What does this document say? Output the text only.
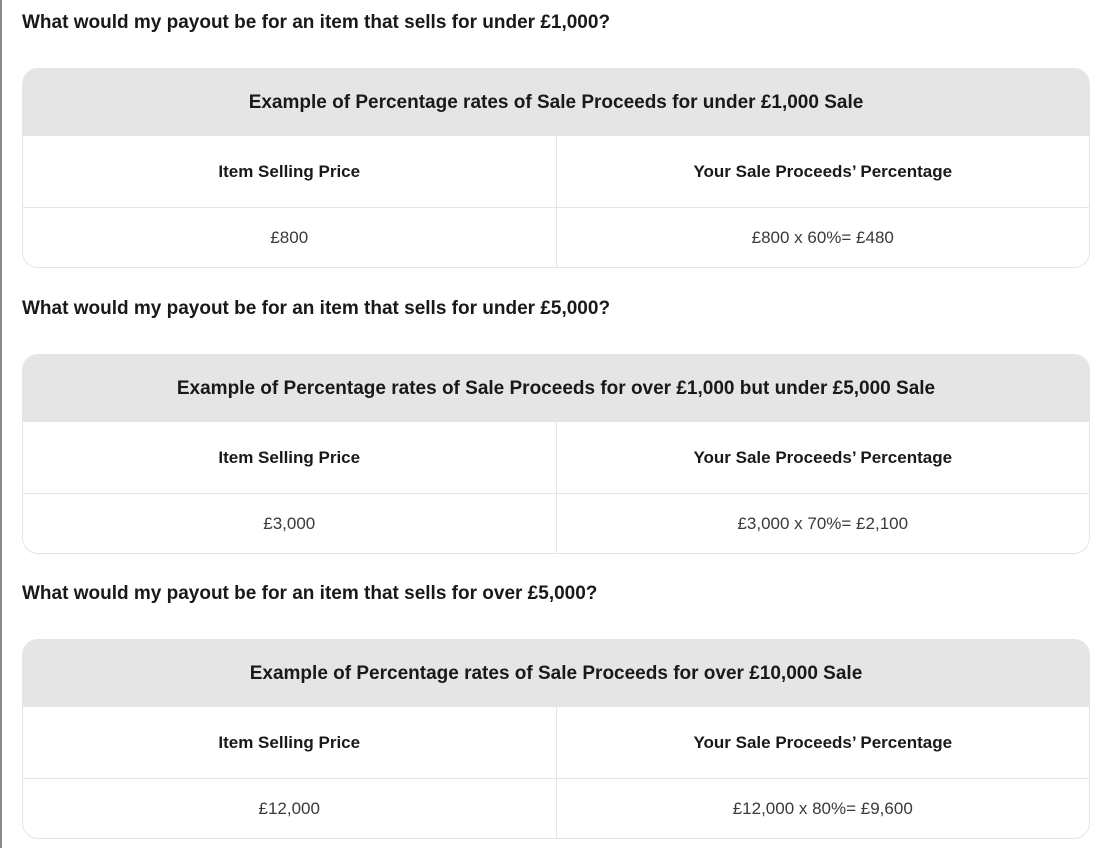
What would my payout be for an item that sells for under £1,000?
Example of Percentage rates of Sale Proceeds for under £1,000 Sale
Item Selling Price	Your Sale Proceeds’ Percentage
£800	£800 x 60%= £480
What would my payout be for an item that sells for under £5,000?
Example of Percentage rates of Sale Proceeds for over £1,000 but under £5,000 Sale
Item Selling Price	Your Sale Proceeds’ Percentage
£3,000	£3,000 x 70%= £2,100
What would my payout be for an item that sells for over £5,000?
Example of Percentage rates of Sale Proceeds for over £10,000 Sale
Item Selling Price	Your Sale Proceeds’ Percentage
£12,000	£12,000 x 80%= £9,600
